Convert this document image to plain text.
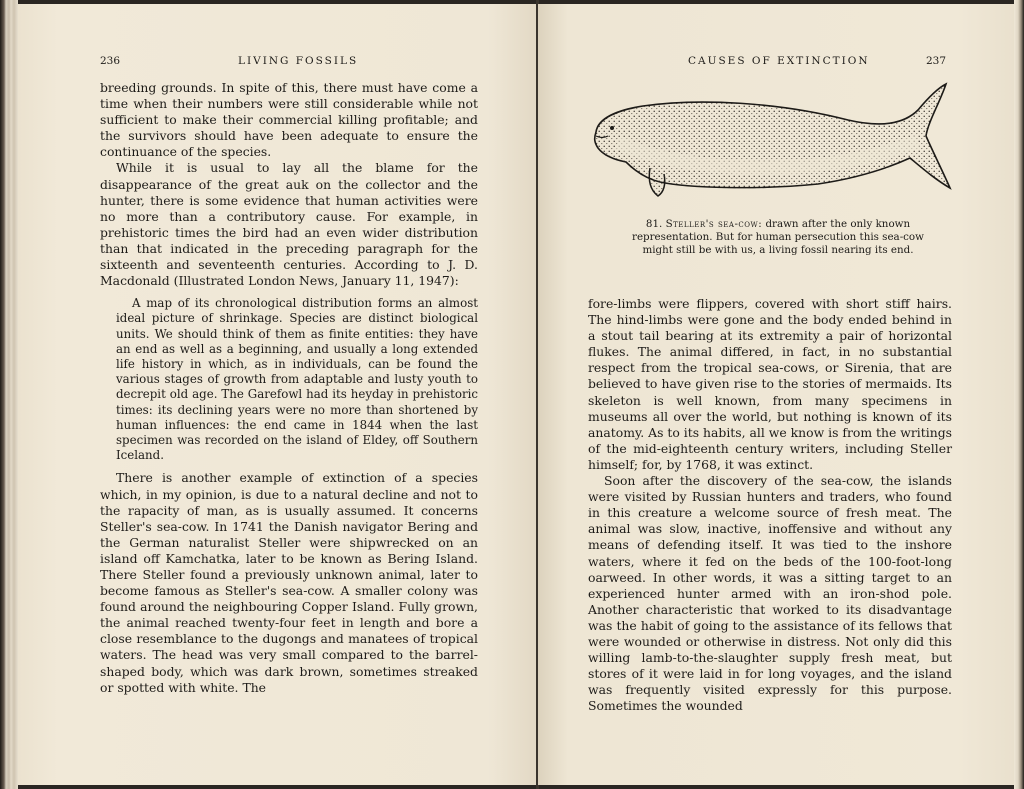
236	LIVING FOSSILS

breeding grounds. In spite of this, there must have come a time when their numbers were still considerable while not sufficient to make their commercial killing profitable; and the survivors should have been adequate to ensure the continuance of the species.

While it is usual to lay all the blame for the disappearance of the great auk on the collector and the hunter, there is some evidence that human activities were no more than a contributory cause. For example, in prehistoric times the bird had an even wider distribution than that indicated in the preceding paragraph for the sixteenth and seventeenth centuries. According to J. D. Macdonald (Illustrated London News, January 11, 1947):

A map of its chronological distribution forms an almost ideal picture of shrinkage. Species are distinct biological units. We should think of them as finite entities: they have an end as well as a beginning, and usually a long extended life history in which, as in individuals, can be found the various stages of growth from adaptable and lusty youth to decrepit old age. The Garefowl had its heyday in prehistoric times: its declining years were no more than shortened by human influences: the end came in 1844 when the last specimen was recorded on the island of Eldey, off Southern Iceland.

There is another example of extinction of a species which, in my opinion, is due to a natural decline and not to the rapacity of man, as is usually assumed. It concerns Steller's sea-cow. In 1741 the Danish navigator Bering and the German naturalist Steller were shipwrecked on an island off Kamchatka, later to be known as Bering Island. There Steller found a previously unknown animal, later to become famous as Steller's sea-cow. A smaller colony was found around the neighbouring Copper Island. Fully grown, the animal reached twenty-four feet in length and bore a close resemblance to the dugongs and manatees of tropical waters. The head was very small compared to the barrel-shaped body, which was dark brown, sometimes streaked or spotted with white. The

CAUSES OF EXTINCTION	237
81. Steller's sea-cow: drawn after the only known representation. But for human persecution this sea-cow might still be with us, a living fossil nearing its end.

fore-limbs were flippers, covered with short stiff hairs. The hind-limbs were gone and the body ended behind in a stout tail bearing at its extremity a pair of horizontal flukes. The animal differed, in fact, in no substantial respect from the tropical sea-cows, or Sirenia, that are believed to have given rise to the stories of mermaids. Its skeleton is well known, from many specimens in museums all over the world, but nothing is known of its anatomy. As to its habits, all we know is from the writings of the mid-eighteenth century writers, including Steller himself; for, by 1768, it was extinct.

Soon after the discovery of the sea-cow, the islands were visited by Russian hunters and traders, who found in this creature a welcome source of fresh meat. The animal was slow, inactive, inoffensive and without any means of defending itself. It was tied to the inshore waters, where it fed on the beds of the 100-foot-long oarweed. In other words, it was a sitting target to an experienced hunter armed with an iron-shod pole. Another characteristic that worked to its disadvantage was the habit of going to the assistance of its fellows that were wounded or otherwise in distress. Not only did this willing lamb-to-the-slaughter supply fresh meat, but stores of it were laid in for long voyages, and the island was frequently visited expressly for this purpose. Sometimes the wounded
